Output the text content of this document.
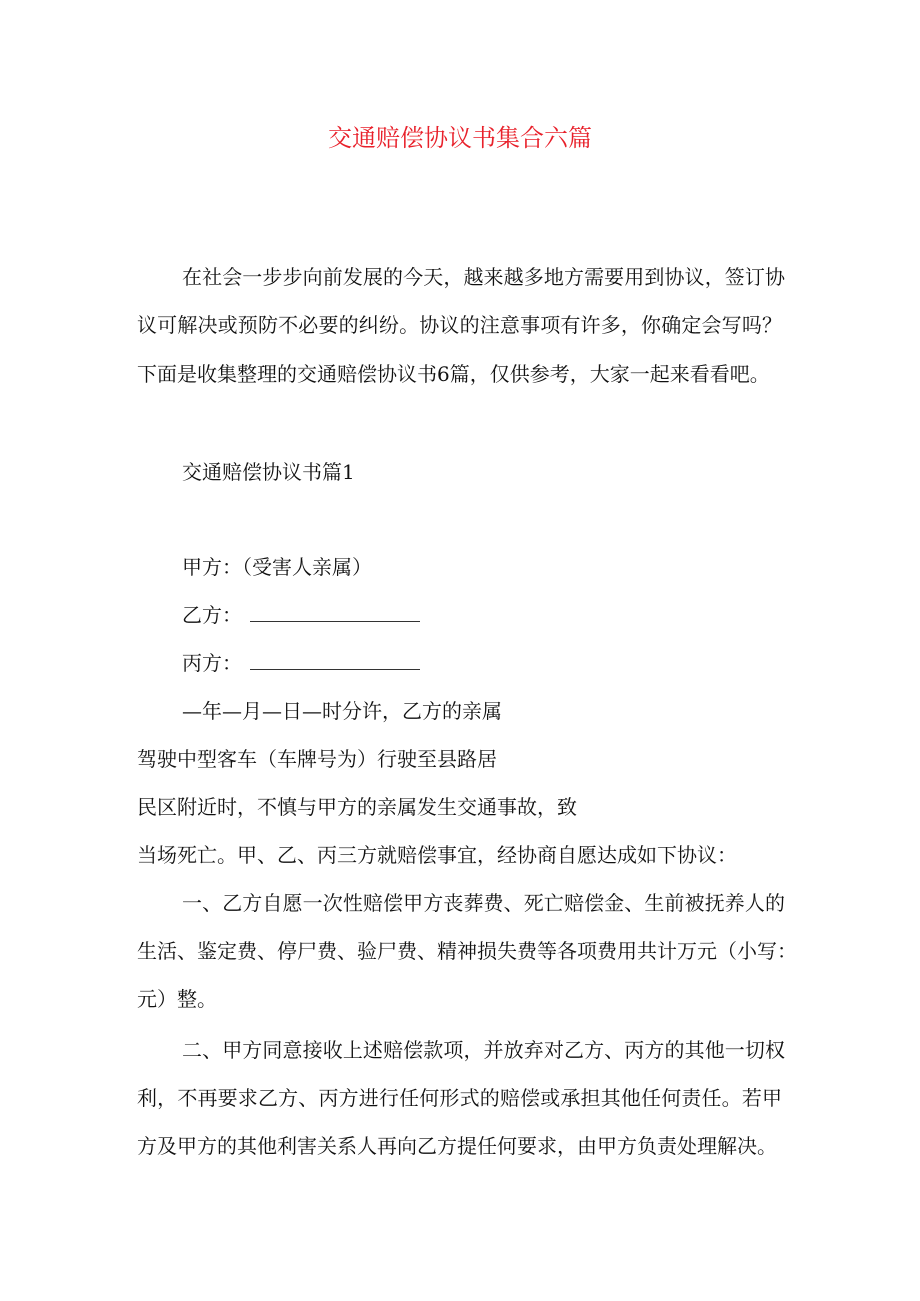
交通赔偿协议书集合六篇
在社会一步步向前发展的今天，越来越多地方需要用到协议，签订协
议可解决或预防不必要的纠纷。协议的注意事项有许多，你确定会写吗？
下面是收集整理的交通赔偿协议书6篇，仅供参考，大家一起来看看吧。
交通赔偿协议书篇1
甲方：（受害人亲属）
乙方：
丙方：
—年—月—日—时分许，乙方的亲属
驾驶中型客车（车牌号为）行驶至县路居
民区附近时，不慎与甲方的亲属发生交通事故，致
当场死亡。甲、乙、丙三方就赔偿事宜，经协商自愿达成如下协议：
一、乙方自愿一次性赔偿甲方丧葬费、死亡赔偿金、生前被抚养人的
生活、鉴定费、停尸费、验尸费、精神损失费等各项费用共计万元（小写：
元）整。
二、甲方同意接收上述赔偿款项，并放弃对乙方、丙方的其他一切权
利，不再要求乙方、丙方进行任何形式的赔偿或承担其他任何责任。若甲
方及甲方的其他利害关系人再向乙方提任何要求，由甲方负责处理解决。
